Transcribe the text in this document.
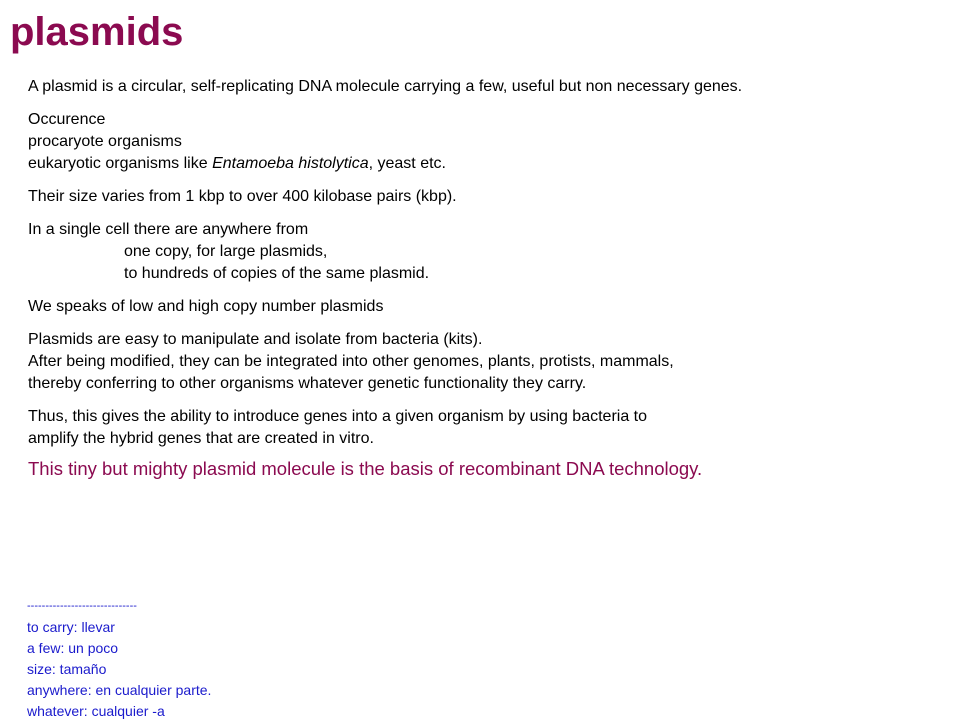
plasmids
A plasmid is a circular, self-replicating DNA molecule carrying a few, useful but non necessary genes.
Occurence
procaryote organisms
eukaryotic organisms like Entamoeba histolytica, yeast etc.
Their size varies from 1 kbp to over 400 kilobase pairs (kbp).
In a single cell there are anywhere from
one copy, for large plasmids,
to hundreds of copies of the same plasmid.
We speaks of low and high copy number plasmids
Plasmids are easy to manipulate and isolate from bacteria (kits).
After being modified, they can be integrated into other genomes, plants, protists, mammals,
thereby conferring to other organisms whatever genetic functionality they carry.
Thus, this gives the ability to introduce genes into a given organism by using bacteria to
amplify the hybrid genes that are created in vitro.
This tiny but mighty plasmid molecule is the basis of recombinant DNA technology.
------------------------------
to carry: llevar
a few: un poco
size: tamaño
anywhere: en cualquier parte.
whatever: cualquier -a
